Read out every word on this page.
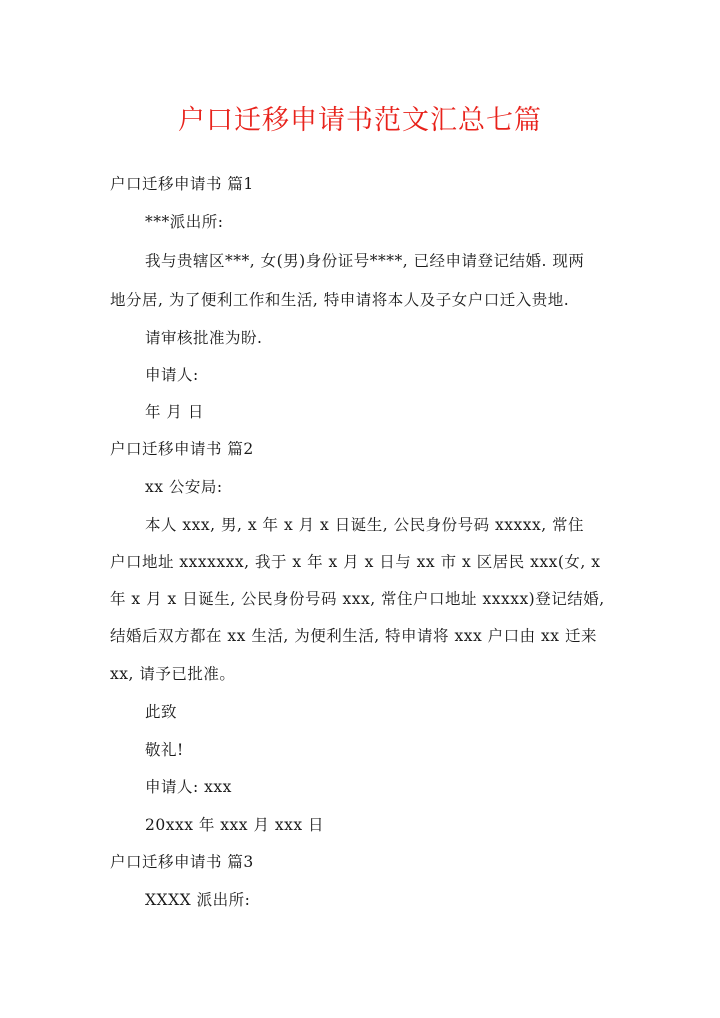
户口迁移申请书范文汇总七篇

户口迁移申请书 篇1

***派出所:

我与贵辖区***, 女(男)身份证号****, 已经申请登记结婚. 现两

地分居, 为了便利工作和生活, 特申请将本人及子女户口迁入贵地.

请审核批准为盼.

申请人:

年 月 日

户口迁移申请书 篇2

xx 公安局:

本人 xxx, 男, x 年 x 月 x 日诞生, 公民身份号码 xxxxx, 常住

户口地址 xxxxxxx, 我于 x 年 x 月 x 日与 xx 市 x 区居民 xxx(女, x

年 x 月 x 日诞生, 公民身份号码 xxx, 常住户口地址 xxxxx)登记结婚,

结婚后双方都在 xx 生活, 为便利生活, 特申请将 xxx 户口由 xx 迁来

xx, 请予已批准。

此致

敬礼!

申请人: xxx

20xxx 年 xxx 月 xxx 日

户口迁移申请书 篇3

XXXX 派出所:
